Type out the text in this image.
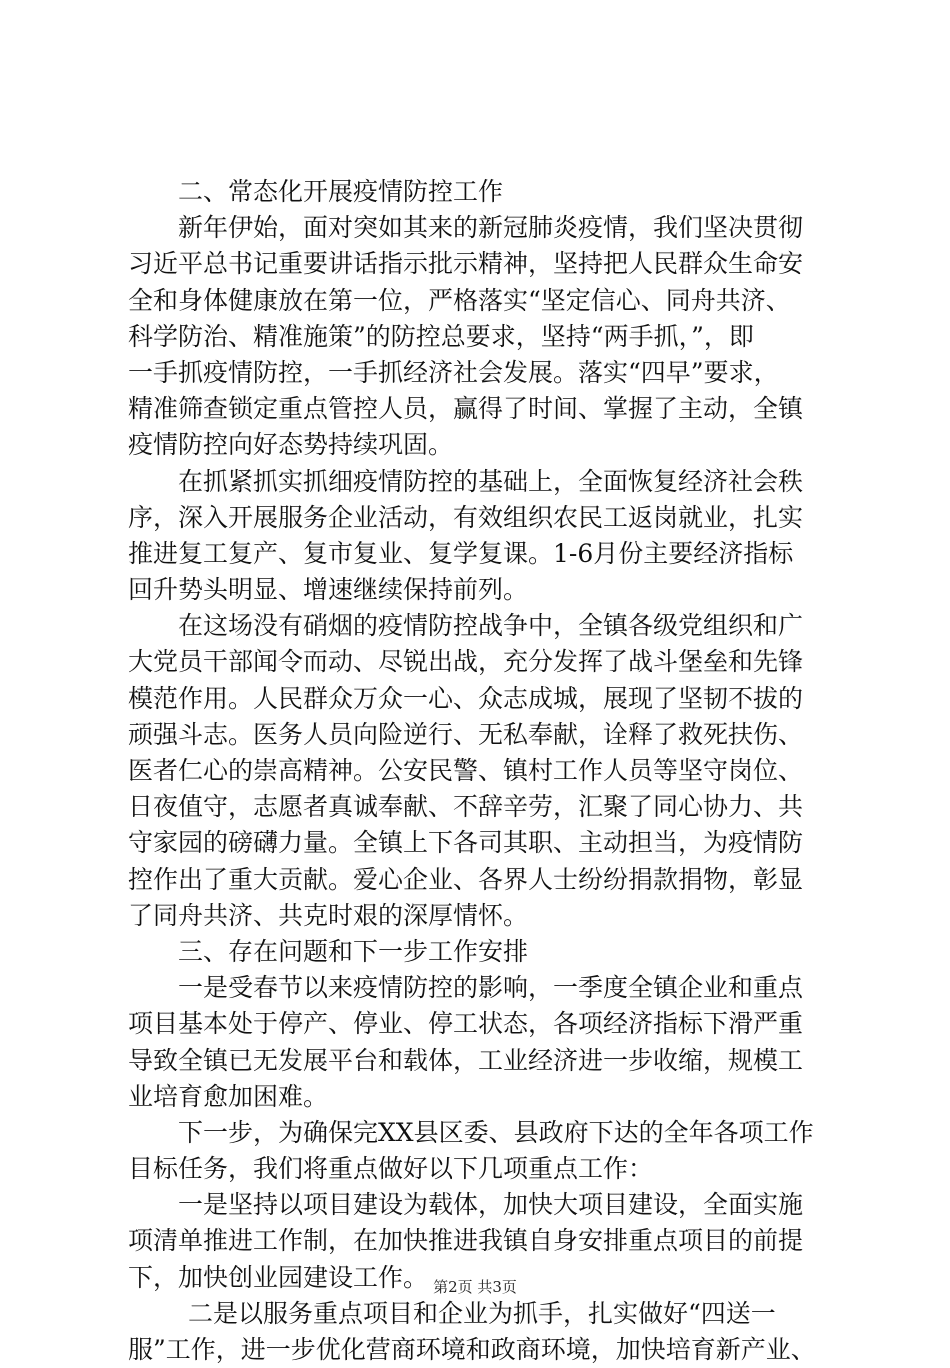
二、常态化开展疫情防控工作
新年伊始，面对突如其来的新冠肺炎疫情，我们坚决贯彻
习近平总书记重要讲话指示批示精神，坚持把人民群众生命安
全和身体健康放在第一位，严格落实“坚定信心、同舟共济、
科学防治、精准施策”的防控总要求，坚持“两手抓，”，即
一手抓疫情防控，一手抓经济社会发展。落实“四早”要求，
精准筛查锁定重点管控人员，赢得了时间、掌握了主动，全镇
疫情防控向好态势持续巩固。
在抓紧抓实抓细疫情防控的基础上，全面恢复经济社会秩
序，深入开展服务企业活动，有效组织农民工返岗就业，扎实
推进复工复产、复市复业、复学复课。1-6月份主要经济指标
回升势头明显、增速继续保持前列。
在这场没有硝烟的疫情防控战争中，全镇各级党组织和广
大党员干部闻令而动、尽锐出战，充分发挥了战斗堡垒和先锋
模范作用。人民群众万众一心、众志成城，展现了坚韧不拔的
顽强斗志。医务人员向险逆行、无私奉献，诠释了救死扶伤、
医者仁心的崇高精神。公安民警、镇村工作人员等坚守岗位、
日夜值守，志愿者真诚奉献、不辞辛劳，汇聚了同心协力、共
守家园的磅礴力量。全镇上下各司其职、主动担当，为疫情防
控作出了重大贡献。爱心企业、各界人士纷纷捐款捐物，彰显
了同舟共济、共克时艰的深厚情怀。
三、存在问题和下一步工作安排
一是受春节以来疫情防控的影响，一季度全镇企业和重点
项目基本处于停产、停业、停工状态，各项经济指标下滑严重
导致全镇已无发展平台和载体，工业经济进一步收缩，规模工
业培育愈加困难。
下一步，为确保完XX县区委、县政府下达的全年各项工作
目标任务，我们将重点做好以下几项重点工作：
一是坚持以项目建设为载体，加快大项目建设，全面实施
项清单推进工作制，在加快推进我镇自身安排重点项目的前提
下，加快创业园建设工作。
二是以服务重点项目和企业为抓手，扎实做好“四送一
服”工作，进一步优化营商环境和政商环境，加快培育新产业、
第2页 共3页
